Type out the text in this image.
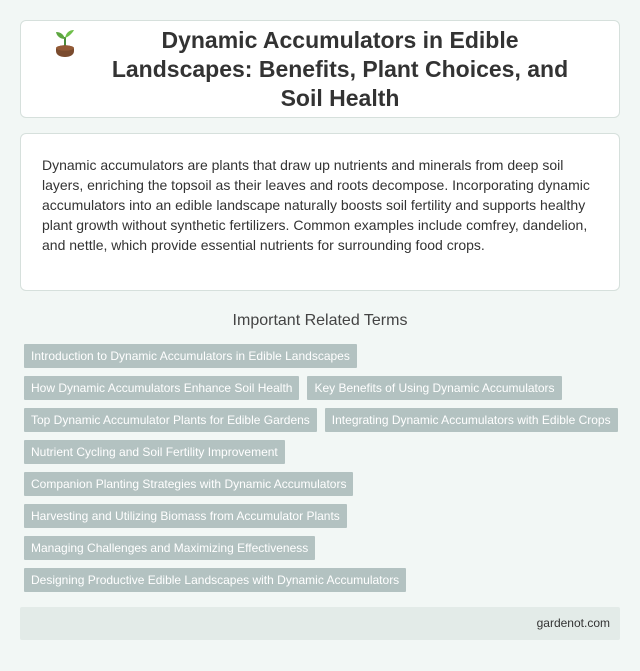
Dynamic Accumulators in Edible Landscapes: Benefits, Plant Choices, and Soil Health

Dynamic accumulators are plants that draw up nutrients and minerals from deep soil layers, enriching the topsoil as their leaves and roots decompose. Incorporating dynamic accumulators into an edible landscape naturally boosts soil fertility and supports healthy plant growth without synthetic fertilizers. Common examples include comfrey, dandelion, and nettle, which provide essential nutrients for surrounding food crops.

Important Related Terms
Introduction to Dynamic Accumulators in Edible Landscapes
How Dynamic Accumulators Enhance Soil Health	Key Benefits of Using Dynamic Accumulators
Top Dynamic Accumulator Plants for Edible Gardens	Integrating Dynamic Accumulators with Edible Crops
Nutrient Cycling and Soil Fertility Improvement
Companion Planting Strategies with Dynamic Accumulators
Harvesting and Utilizing Biomass from Accumulator Plants
Managing Challenges and Maximizing Effectiveness
Designing Productive Edible Landscapes with Dynamic Accumulators
gardenot.com
